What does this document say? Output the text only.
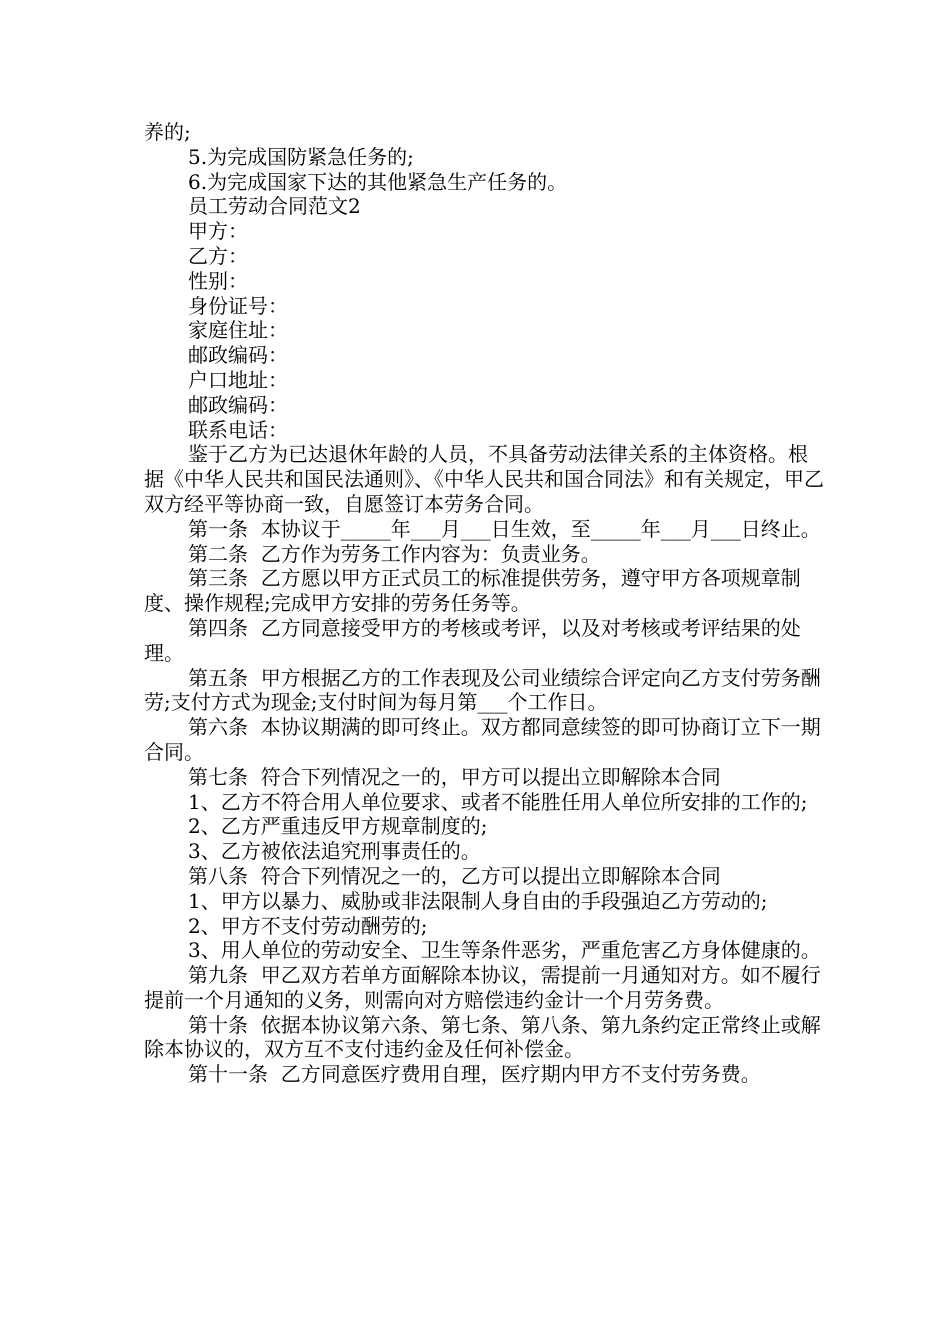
养的;

5.为完成国防紧急任务的;

6.为完成国家下达的其他紧急生产任务的。

员工劳动合同范文2

甲方：

乙方：

性别：

身份证号：

家庭住址：

邮政编码：

户口地址：

邮政编码：

联系电话：

鉴于乙方为已达退休年龄的人员，不具备劳动法律关系的主体资格。根据《中华人民共和国民法通则》、《中华人民共和国合同法》和有关规定，甲乙双方经平等协商一致，自愿签订本劳务合同。

第一条  本协议于_____年___月___日生效，至_____年___月___日终止。

第二条  乙方作为劳务工作内容为：负责业务。

第三条  乙方愿以甲方正式员工的标准提供劳务，遵守甲方各项规章制度、操作规程;完成甲方安排的劳务任务等。

第四条  乙方同意接受甲方的考核或考评，以及对考核或考评结果的处理。

第五条  甲方根据乙方的工作表现及公司业绩综合评定向乙方支付劳务酬劳;支付方式为现金;支付时间为每月第___个工作日。

第六条  本协议期满的即可终止。双方都同意续签的即可协商订立下一期合同。

第七条  符合下列情况之一的，甲方可以提出立即解除本合同

1、乙方不符合用人单位要求、或者不能胜任用人单位所安排的工作的;

2、乙方严重违反甲方规章制度的;

3、乙方被依法追究刑事责任的。

第八条  符合下列情况之一的，乙方可以提出立即解除本合同

1、甲方以暴力、威胁或非法限制人身自由的手段强迫乙方劳动的;

2、甲方不支付劳动酬劳的;

3、用人单位的劳动安全、卫生等条件恶劣，严重危害乙方身体健康的。

第九条  甲乙双方若单方面解除本协议，需提前一月通知对方。如不履行提前一个月通知的义务，则需向对方赔偿违约金计一个月劳务费。

第十条  依据本协议第六条、第七条、第八条、第九条约定正常终止或解除本协议的，双方互不支付违约金及任何补偿金。

第十一条  乙方同意医疗费用自理，医疗期内甲方不支付劳务费。
